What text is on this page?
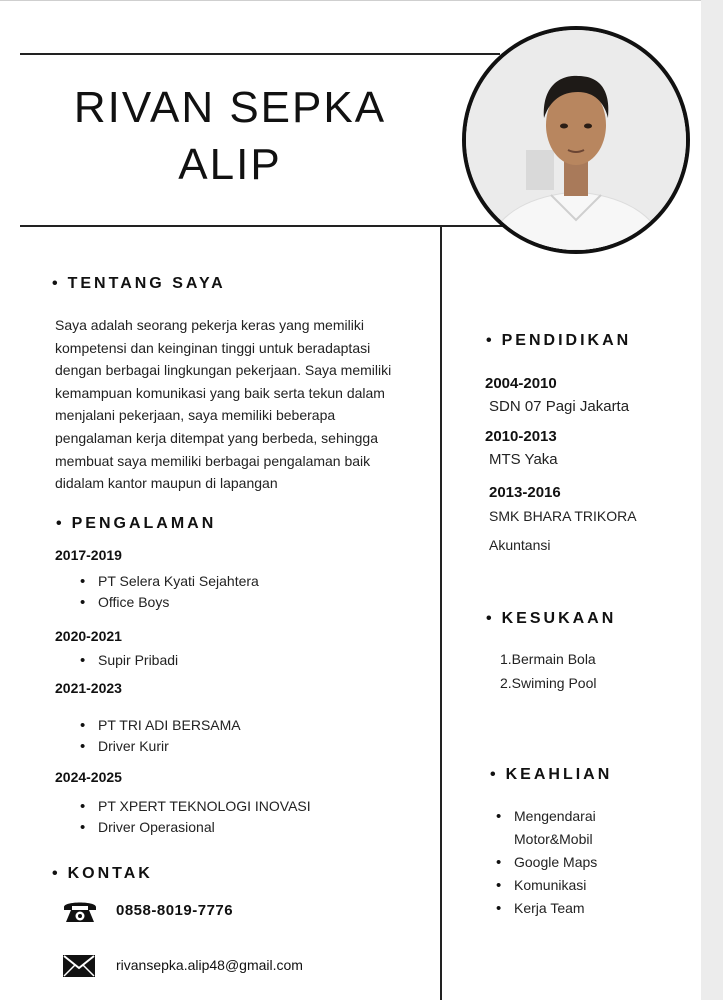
RIVAN SEPKA
ALIP
• TENTANG SAYA
Saya adalah seorang pekerja keras yang memiliki kompetensi dan keinginan tinggi untuk beradaptasi dengan berbagai lingkungan pekerjaan. Saya memiliki kemampuan komunikasi yang baik serta tekun dalam menjalani pekerjaan, saya memiliki beberapa pengalaman kerja ditempat yang berbeda, sehingga membuat saya memiliki berbagai pengalaman baik didalam kantor maupun di lapangan
• PENGALAMAN
2017-2019
• PT Selera Kyati Sejahtera
• Office Boys
2020-2021
• Supir Pribadi
2021-2023
• PT TRI ADI BERSAMA
• Driver Kurir
2024-2025
• PT XPERT TEKNOLOGI INOVASI
• Driver Operasional
• KONTAK
0858-8019-7776
rivansepka.alip48@gmail.com
• PENDIDIKAN
2004-2010
SDN 07 Pagi Jakarta
2010-2013
MTS Yaka
2013-2016
SMK BHARA TRIKORA
Akuntansi
• KESUKAAN
1.Bermain Bola
2.Swiming Pool
• KEAHLIAN
• Mengendarai
Motor&Mobil
• Google Maps
• Komunikasi
• Kerja Team
